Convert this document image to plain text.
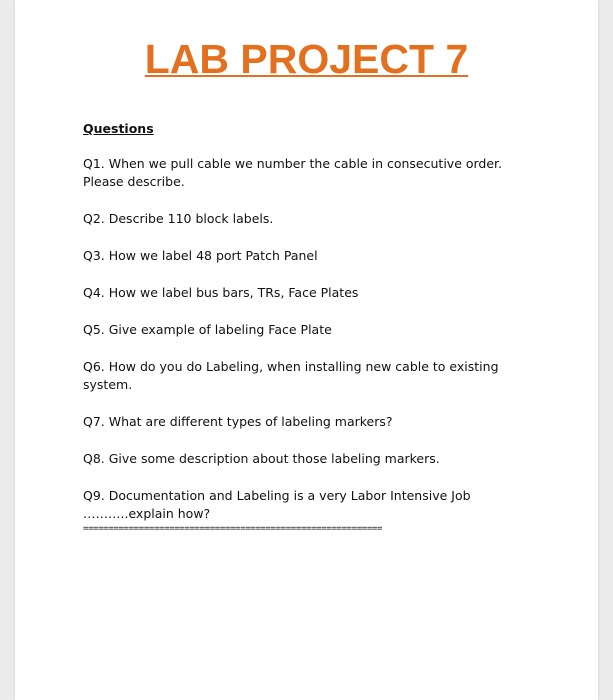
LAB PROJECT 7
Questions
Q1. When we pull cable we number the cable in consecutive order.
Please describe.
Q2. Describe 110 block labels.
Q3. How we label 48 port Patch Panel
Q4. How we label bus bars, TRs, Face Plates
Q5. Give example of labeling Face Plate
Q6. How do you do Labeling, when installing new cable to existing
system.
Q7. What are different types of labeling markers?
Q8. Give some description about those labeling markers.
Q9. Documentation and Labeling is a very Labor Intensive Job
………..explain how?
===========================================================
